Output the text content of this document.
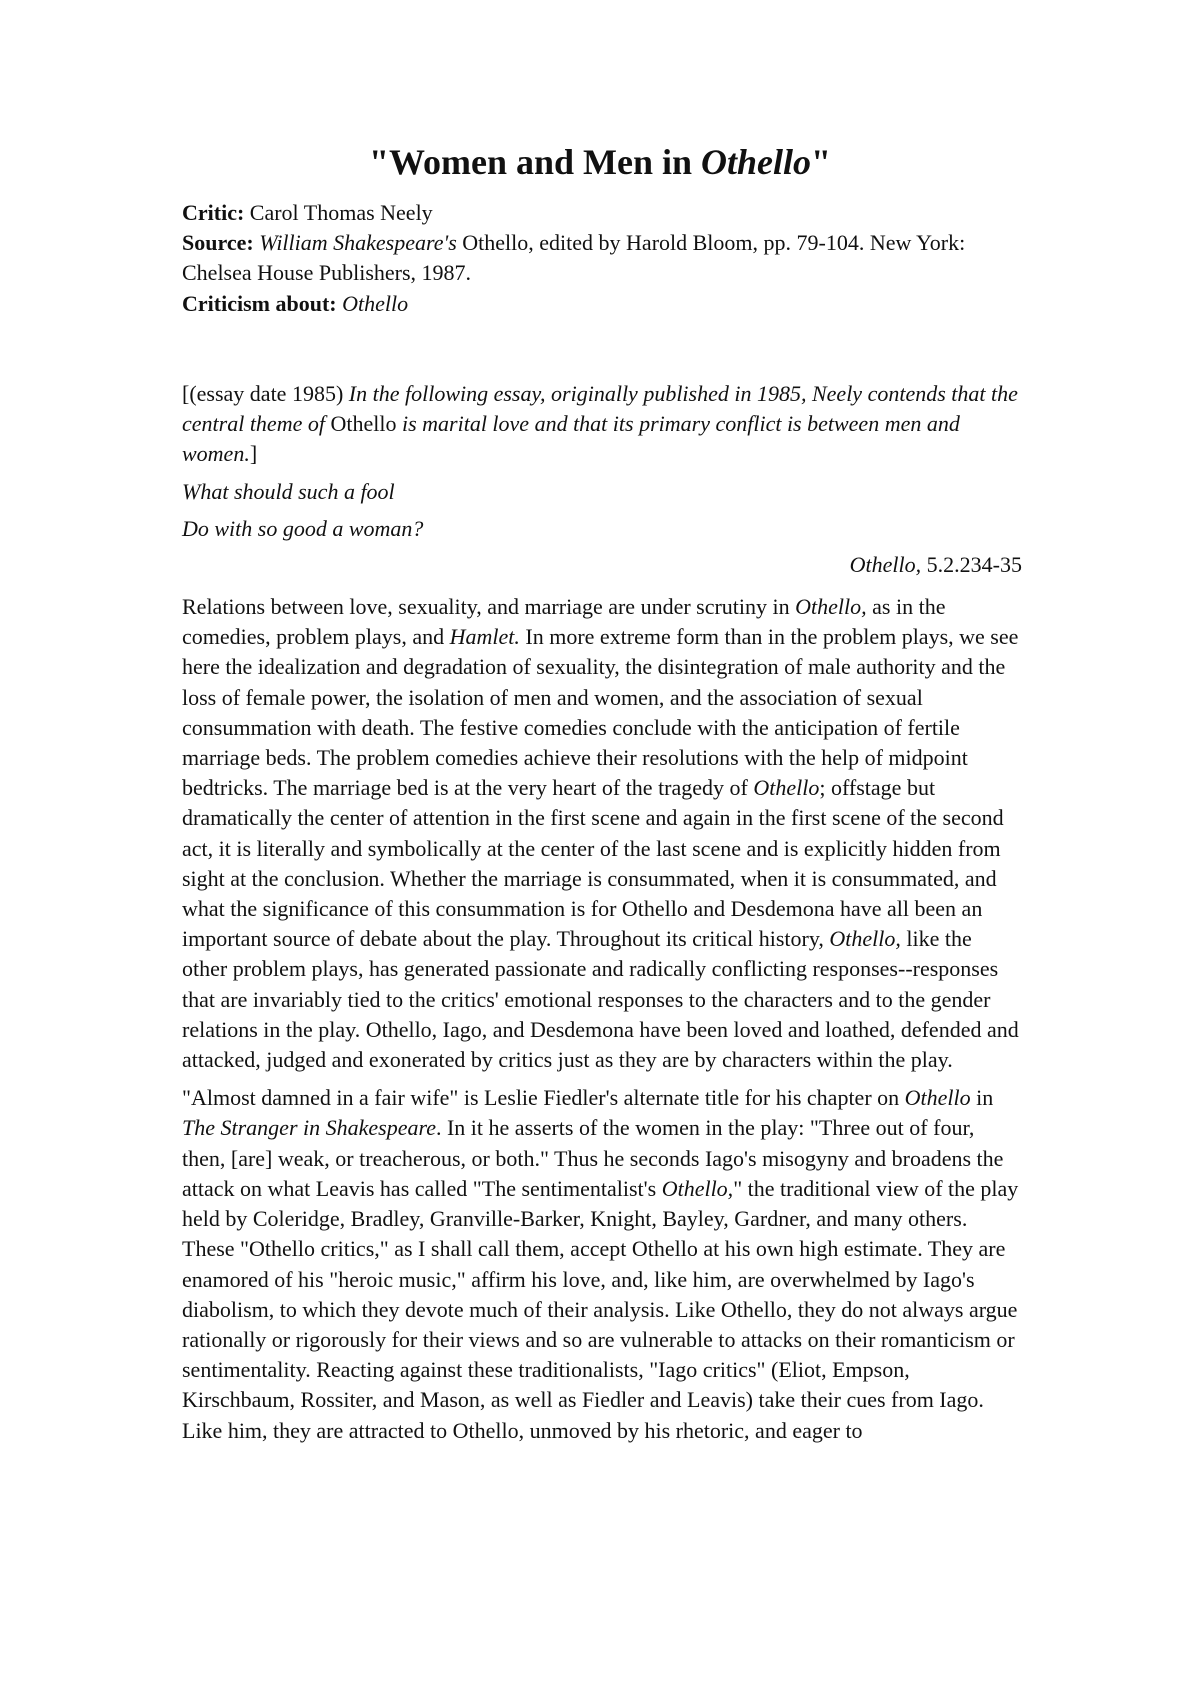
"Women and Men in Othello"

Critic: Carol Thomas Neely

Source: William Shakespeare's Othello, edited by Harold Bloom, pp. 79-104. New York: Chelsea House Publishers, 1987.

Criticism about: Othello

[(essay date 1985) In the following essay, originally published in 1985, Neely contends that the central theme of Othello is marital love and that its primary conflict is between men and women.]

What should such a fool

Do with so good a woman?

Othello, 5.2.234-35

Relations between love, sexuality, and marriage are under scrutiny in Othello, as in the comedies, problem plays, and Hamlet. In more extreme form than in the problem plays, we see here the idealization and degradation of sexuality, the disintegration of male authority and the loss of female power, the isolation of men and women, and the association of sexual consummation with death. The festive comedies conclude with the anticipation of fertile marriage beds. The problem comedies achieve their resolutions with the help of midpoint bedtricks. The marriage bed is at the very heart of the tragedy of Othello; offstage but dramatically the center of attention in the first scene and again in the first scene of the second act, it is literally and symbolically at the center of the last scene and is explicitly hidden from sight at the conclusion. Whether the marriage is consummated, when it is consummated, and what the significance of this consummation is for Othello and Desdemona have all been an important source of debate about the play. Throughout its critical history, Othello, like the other problem plays, has generated passionate and radically conflicting responses--responses that are invariably tied to the critics' emotional responses to the characters and to the gender relations in the play. Othello, Iago, and Desdemona have been loved and loathed, defended and attacked, judged and exonerated by critics just as they are by characters within the play.

"Almost damned in a fair wife" is Leslie Fiedler's alternate title for his chapter on Othello in The Stranger in Shakespeare. In it he asserts of the women in the play: "Three out of four, then, [are] weak, or treacherous, or both." Thus he seconds Iago's misogyny and broadens the attack on what Leavis has called "The sentimentalist's Othello," the traditional view of the play held by Coleridge, Bradley, Granville-Barker, Knight, Bayley, Gardner, and many others. These "Othello critics," as I shall call them, accept Othello at his own high estimate. They are enamored of his "heroic music," affirm his love, and, like him, are overwhelmed by Iago's diabolism, to which they devote much of their analysis. Like Othello, they do not always argue rationally or rigorously for their views and so are vulnerable to attacks on their romanticism or sentimentality. Reacting against these traditionalists, "Iago critics" (Eliot, Empson, Kirschbaum, Rossiter, and Mason, as well as Fiedler and Leavis) take their cues from Iago. Like him, they are attracted to Othello, unmoved by his rhetoric, and eager to
